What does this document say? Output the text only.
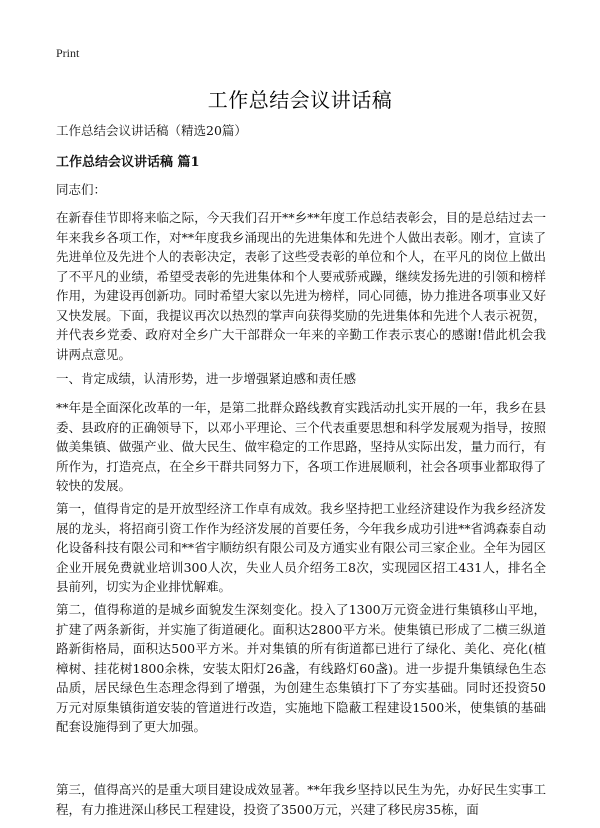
Print
工作总结会议讲话稿
工作总结会议讲话稿（精选20篇）
工作总结会议讲话稿 篇1
同志们：
在新春佳节即将来临之际，今天我们召开**乡**年度工作总结表彰会，目的是总结过去一年来我乡各项工作，对**年度我乡涌现出的先进集体和先进个人做出表彰。刚才，宣读了先进单位及先进个人的表彰决定，表彰了这些受表彰的单位和个人，在平凡的岗位上做出了不平凡的业绩，希望受表彰的先进集体和个人要戒骄戒躁，继续发扬先进的引领和榜样作用，为建设再创新功。同时希望大家以先进为榜样，同心同德，协力推进各项事业又好又快发展。下面，我提议再次以热烈的掌声向获得奖励的先进集体和先进个人表示祝贺，并代表乡党委、政府对全乡广大干部群众一年来的辛勤工作表示衷心的感谢!借此机会我讲两点意见。
一、肯定成绩，认清形势，进一步增强紧迫感和责任感
**年是全面深化改革的一年，是第二批群众路线教育实践活动扎实开展的一年，我乡在县委、县政府的正确领导下，以邓小平理论、三个代表重要思想和科学发展观为指导，按照做美集镇、做强产业、做大民生、做牢稳定的工作思路，坚持从实际出发，量力而行，有所作为，打造亮点，在全乡干群共同努力下，各项工作进展顺利，社会各项事业都取得了较快的发展。
第一，值得肯定的是开放型经济工作卓有成效。我乡坚持把工业经济建设作为我乡经济发展的龙头，将招商引资工作作为经济发展的首要任务，今年我乡成功引进**省鸿森泰自动化设备科技有限公司和**省宇顺纺织有限公司及方通实业有限公司三家企业。全年为园区企业开展免费就业培训300人次，失业人员介绍务工8次，实现园区招工431人，排名全县前列，切实为企业排忧解难。
第二，值得称道的是城乡面貌发生深刻变化。投入了1300万元资金进行集镇移山平地，扩建了两条新街，并实施了街道硬化。面积达2800平方米。使集镇已形成了二横三纵道路新街格局，面积达500平方米。并对集镇的所有街道都已进行了绿化、美化、亮化(植樟树、挂花树1800余株，安装太阳灯26盏，有线路灯60盏)。进一步提升集镇绿色生态品质，居民绿色生态理念得到了增强，为创建生态集镇打下了夯实基础。同时还投资50万元对原集镇街道安装的管道进行改造，实施地下隐蔽工程建设1500米，使集镇的基础配套设施得到了更大加强。
第三，值得高兴的是重大项目建设成效显著。**年我乡坚持以民生为先，办好民生实事工程，有力推进深山移民工程建设，投资了3500万元，兴建了移民房35栋，面
